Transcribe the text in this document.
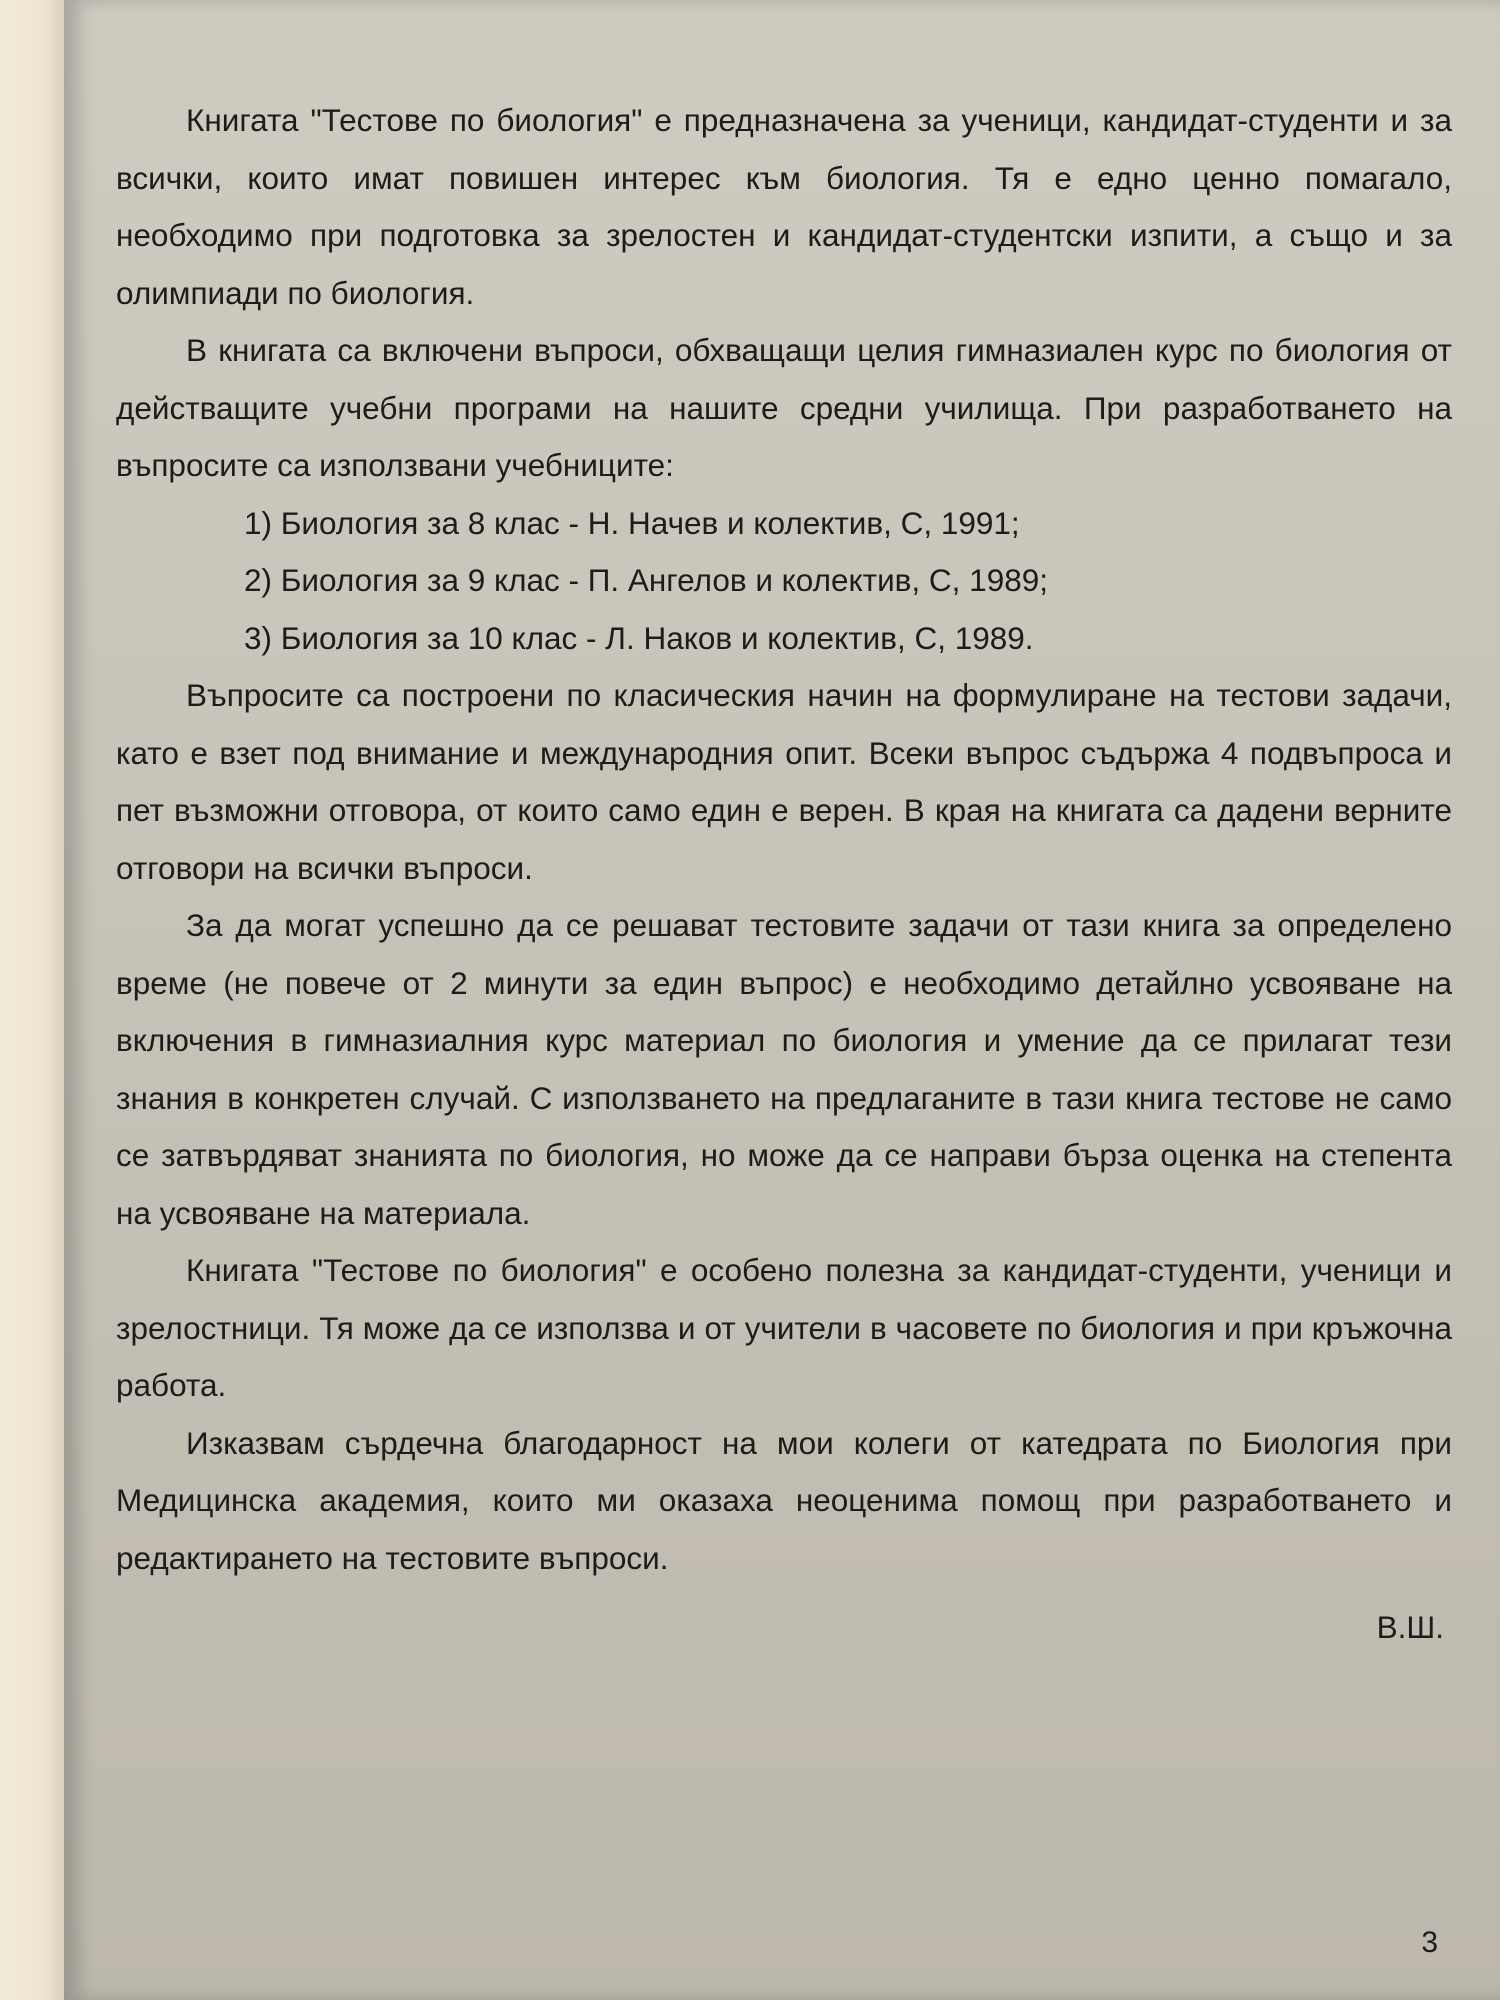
Книгата "Тестове по биология" е предназначена за ученици, кандидат-студенти и за всички, които имат повишен интерес към биология. Тя е едно ценно помагало, необходимо при подготовка за зрелостен и кандидат-студентски изпити, а също и за олимпиади по биология.

В книгата са включени въпроси, обхващащи целия гимназиален курс по биология от действащите учебни програми на нашите средни училища. При разработването на въпросите са използвани учебниците:

1) Биология за 8 клас - Н. Начев и колектив, С, 1991;
2) Биология за 9 клас - П. Ангелов и колектив, С, 1989;
3) Биология за 10 клас - Л. Наков и колектив, С, 1989.

Въпросите са построени по класическия начин на формулиране на тестови задачи, като е взет под внимание и международния опит. Всеки въпрос съдържа 4 подвъпроса и пет възможни отговора, от които само един е верен. В края на книгата са дадени верните отговори на всички въпроси.

За да могат успешно да се решават тестовите задачи от тази книга за определено време (не повече от 2 минути за един въпрос) е необходимо детайлно усвояване на включения в гимназиалния курс материал по биология и умение да се прилагат тези знания в конкретен случай. С използването на предлаганите в тази книга тестове не само се затвърдяват знанията по биология, но може да се направи бърза оценка на степента на усвояване на материала.

Книгата "Тестове по биология" е особено полезна за кандидат-студенти, ученици и зрелостници. Тя може да се използва и от учители в часовете по биология и при кръжочна работа.

Изказвам сърдечна благодарност на мои колеги от катедрата по Биология при Медицинска академия, които ми оказаха неоценима помощ при разработването и редактирането на тестовите въпроси.

В.Ш.
3
